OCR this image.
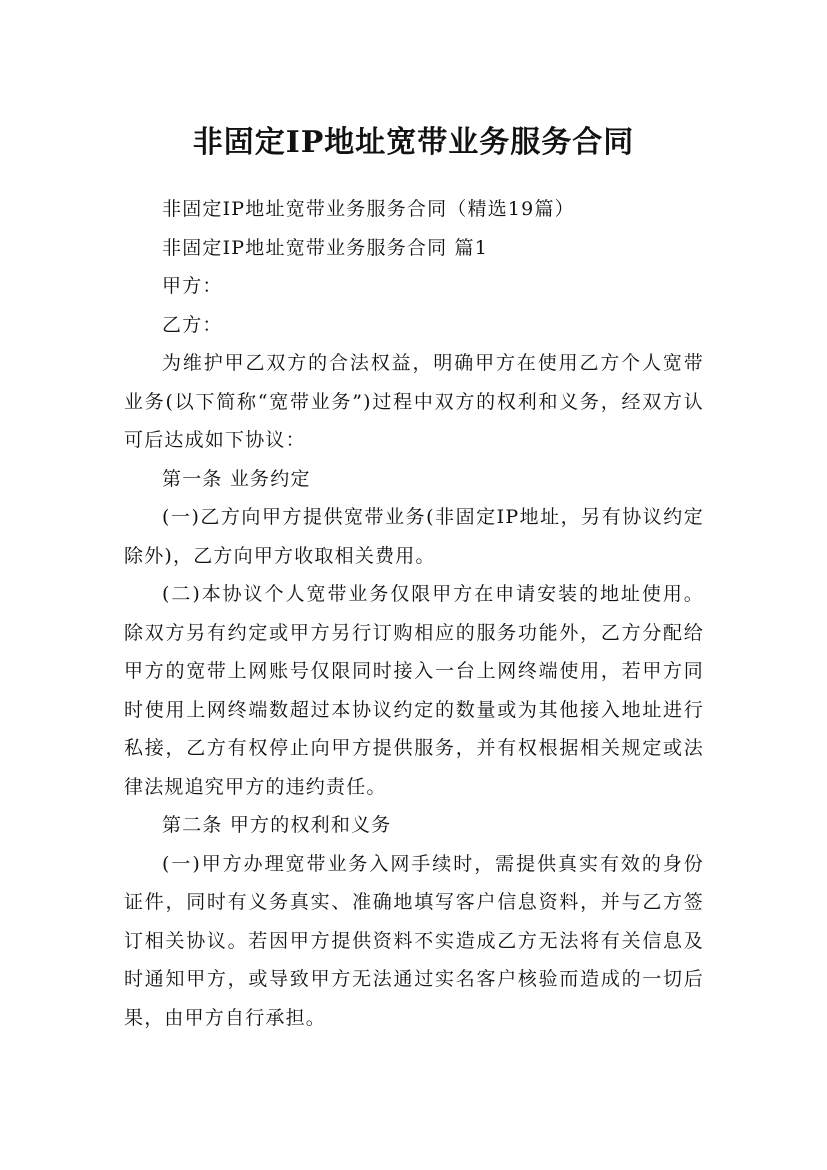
非固定IP地址宽带业务服务合同

非固定IP地址宽带业务服务合同（精选19篇）

非固定IP地址宽带业务服务合同 篇1

甲方：

乙方：

为维护甲乙双方的合法权益，明确甲方在使用乙方个人宽带业务(以下简称“宽带业务”)过程中双方的权利和义务，经双方认可后达成如下协议：

第一条 业务约定

(一)乙方向甲方提供宽带业务(非固定IP地址，另有协议约定除外)，乙方向甲方收取相关费用。

(二)本协议个人宽带业务仅限甲方在申请安装的地址使用。除双方另有约定或甲方另行订购相应的服务功能外，乙方分配给甲方的宽带上网账号仅限同时接入一台上网终端使用，若甲方同时使用上网终端数超过本协议约定的数量或为其他接入地址进行私接，乙方有权停止向甲方提供服务，并有权根据相关规定或法律法规追究甲方的违约责任。

第二条 甲方的权利和义务

(一)甲方办理宽带业务入网手续时，需提供真实有效的身份证件，同时有义务真实、准确地填写客户信息资料，并与乙方签订相关协议。若因甲方提供资料不实造成乙方无法将有关信息及时通知甲方，或导致甲方无法通过实名客户核验而造成的一切后果，由甲方自行承担。
